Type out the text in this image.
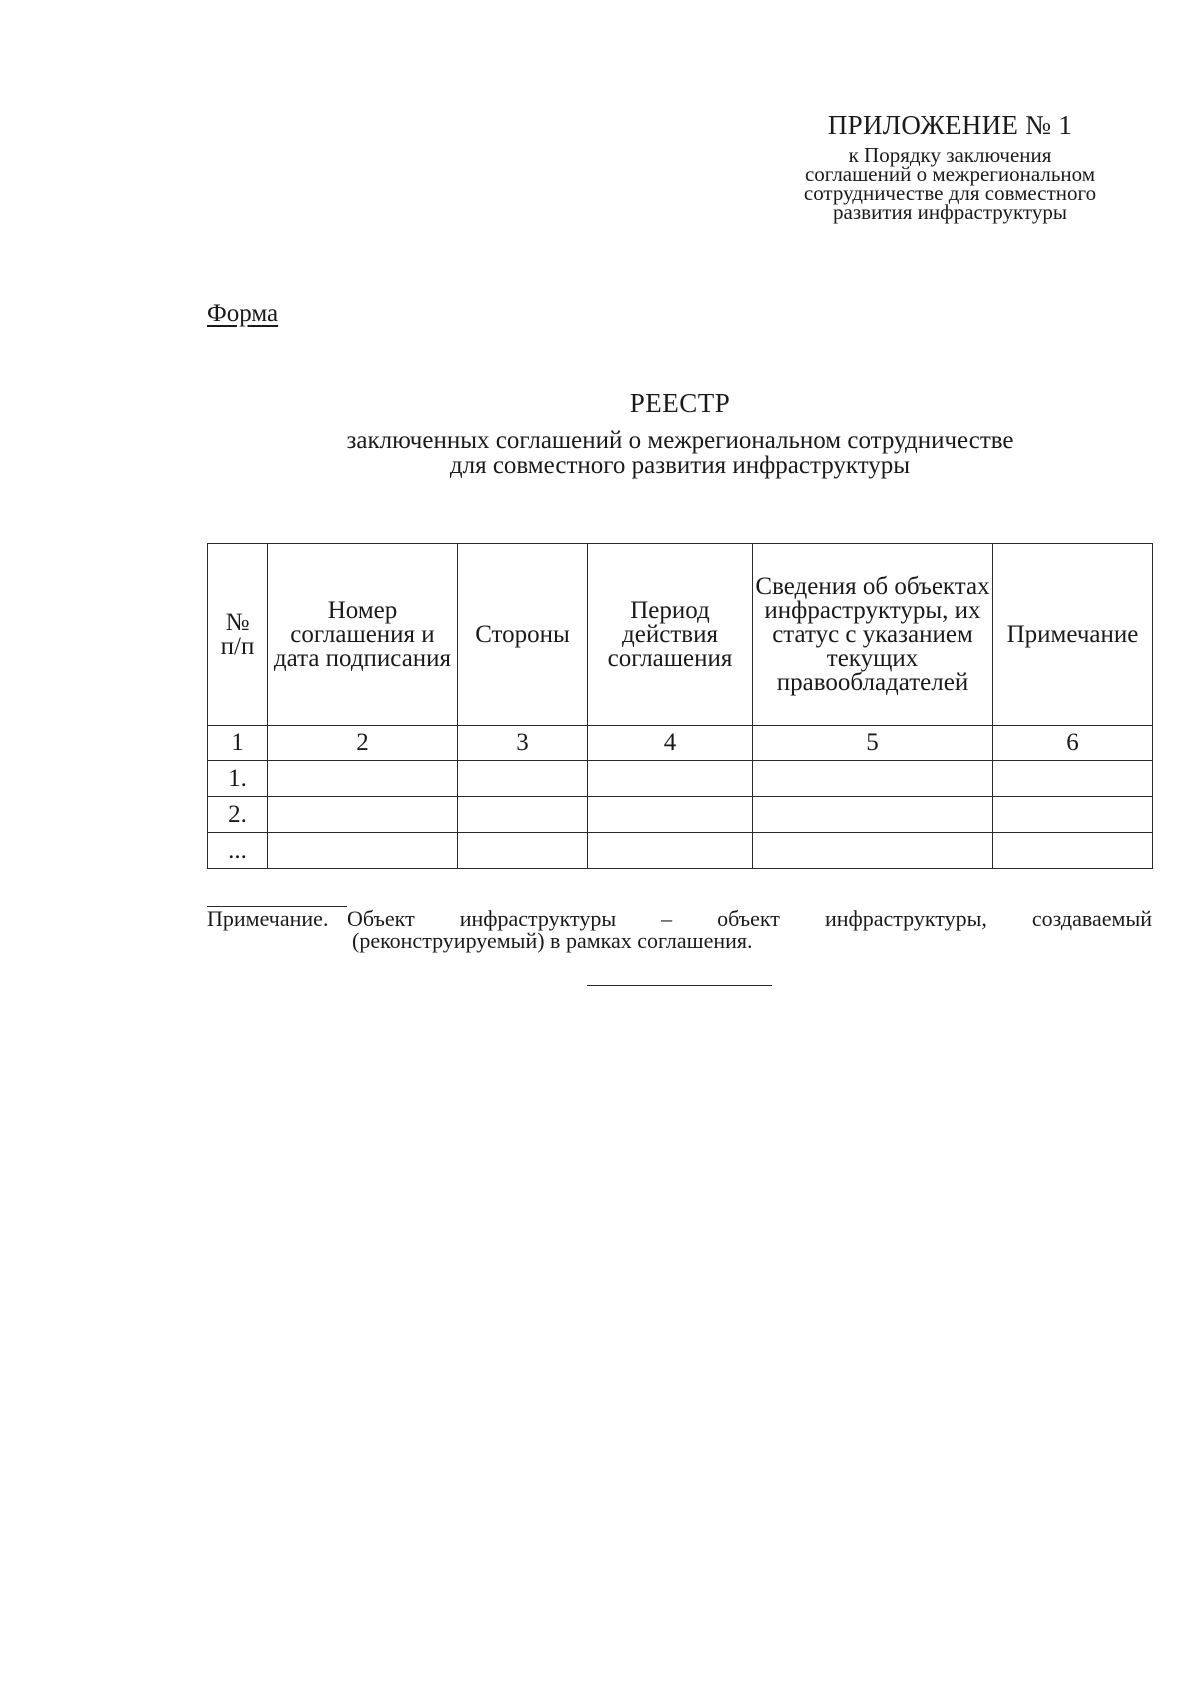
ПРИЛОЖЕНИЕ № 1
к Порядку заключения
соглашений о межрегиональном
сотрудничестве для совместного
развития инфраструктуры
Форма
РЕЕСТР
заключенных соглашений о межрегиональном сотрудничестве
для совместного развития инфраструктуры
№ п/п	Номер соглашения и дата подписания	Стороны	Период действия соглашения	Сведения об объектах инфраструктуры, их статус с указанием текущих правообладателей	Примечание
1	2	3	4	5	6
1.					
2.					
...					
Примечание. Объект инфраструктуры – объект инфраструктуры, создаваемый
(реконструируемый) в рамках соглашения.
